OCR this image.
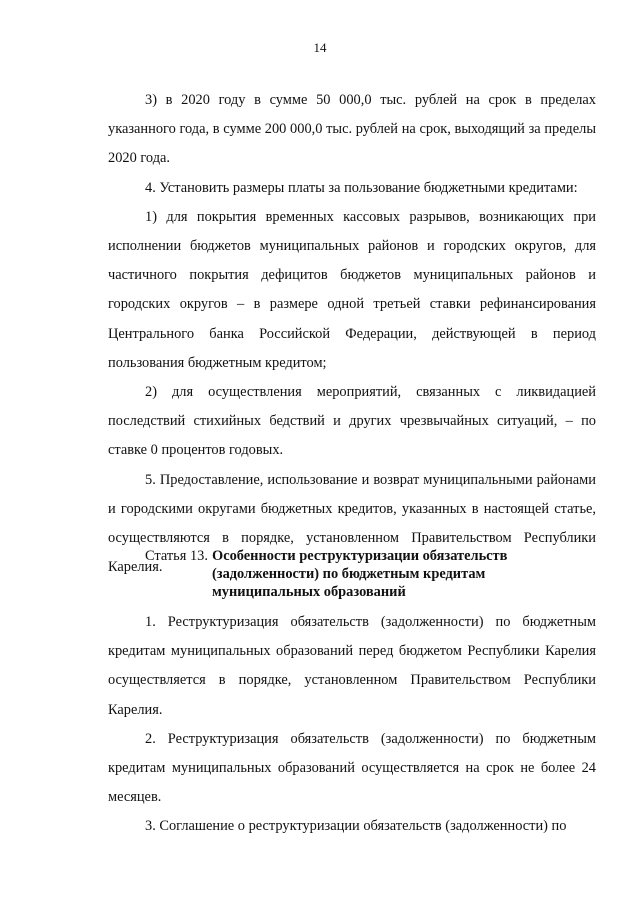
14

3) в 2020 году в сумме 50 000,0 тыс. рублей на срок в пределах указанного года, в сумме 200 000,0 тыс. рублей на срок, выходящий за пределы 2020 года.

4. Установить размеры платы за пользование бюджетными кредитами:

1) для покрытия временных кассовых разрывов, возникающих при исполнении бюджетов муниципальных районов и городских округов, для частичного покрытия дефицитов бюджетов муниципальных районов и городских округов – в размере одной третьей ставки рефинансирования Центрального банка Российской Федерации, действующей в период пользования бюджетным кредитом;

2) для осуществления мероприятий, связанных с ликвидацией последствий стихийных бедствий и других чрезвычайных ситуаций, – по ставке 0 процентов годовых.

5. Предоставление, использование и возврат муниципальными районами и городскими округами бюджетных кредитов, указанных в настоящей статье, осуществляются в порядке, установленном Правительством Республики Карелия.

Статья 13. Особенности реструктуризации обязательств
(задолженности) по бюджетным кредитам
муниципальных образований

1. Реструктуризация обязательств (задолженности) по бюджетным кредитам муниципальных образований перед бюджетом Республики Карелия осуществляется в порядке, установленном Правительством Республики Карелия.

2. Реструктуризация обязательств (задолженности) по бюджетным кредитам муниципальных образований осуществляется на срок не более 24 месяцев.

3. Соглашение о реструктуризации обязательств (задолженности) по
